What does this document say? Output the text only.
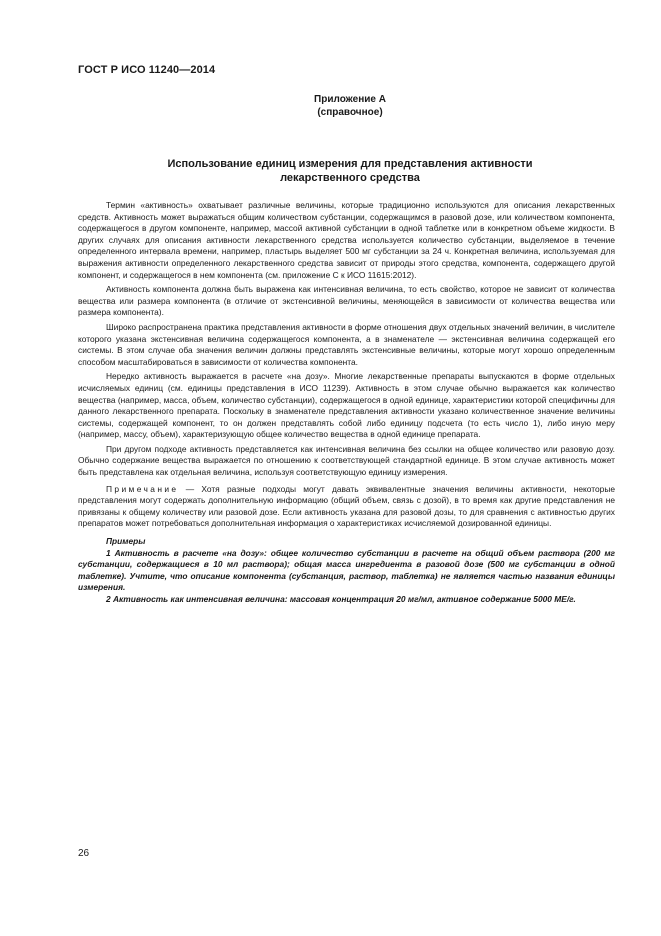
ГОСТ Р ИСО 11240—2014
Приложение А
(справочное)
Использование единиц измерения для представления активности
лекарственного средства

Термин «активность» охватывает различные величины, которые традиционно используются для описания лекарственных средств. Активность может выражаться общим количеством субстанции, содержащимся в разовой дозе, или количеством компонента, содержащегося в другом компоненте, например, массой активной субстанции в одной таблетке или в конкретном объеме жидкости. В других случаях для описания активности лекарственного средства используется количество субстанции, выделяемое в течение определенного интервала времени, например, пластырь выделяет 500 мг субстанции за 24 ч. Конкретная величина, используемая для выражения активности определенного лекарственного средства зависит от природы этого средства, компонента, содержащего другой компонент, и содержащегося в нем компонента (см. приложение С к ИСО 11615:2012).

Активность компонента должна быть выражена как интенсивная величина, то есть свойство, которое не зависит от количества вещества или размера компонента (в отличие от экстенсивной величины, меняющейся в зависимости от количества вещества или размера компонента).

Широко распространена практика представления активности в форме отношения двух отдельных значений величин, в числителе которого указана экстенсивная величина содержащегося компонента, а в знаменателе — экстенсивная величина содержащей его системы. В этом случае оба значения величин должны представлять экстенсивные величины, которые могут хорошо определенным способом масштабироваться в зависимости от количества компонента.

Нередко активность выражается в расчете «на дозу». Многие лекарственные препараты выпускаются в форме отдельных исчисляемых единиц (см. единицы представления в ИСО 11239). Активность в этом случае обычно выражается как количество вещества (например, масса, объем, количество субстанции), содержащегося в одной единице, характеристики которой специфичны для данного лекарственного препарата. Поскольку в знаменателе представления активности указано количественное значение величины системы, содержащей компонент, то он должен представлять собой либо единицу подсчета (то есть число 1), либо иную меру (например, массу, объем), характеризующую общее количество вещества в одной единице препарата.

При другом подходе активность представляется как интенсивная величина без ссылки на общее количество или разовую дозу. Обычно содержание вещества выражается по отношению к соответствующей стандартной единице. В этом случае активность может быть представлена как отдельная величина, используя соответствующую единицу измерения.

Примечание — Хотя разные подходы могут давать эквивалентные значения величины активности, некоторые представления могут содержать дополнительную информацию (общий объем, связь с дозой), в то время как другие представления не привязаны к общему количеству или разовой дозе. Если активность указана для разовой дозы, то для сравнения с активностью других препаратов может потребоваться дополнительная информация о характеристиках исчисляемой дозированной единицы.

Примеры

1 Активность в расчете «на дозу»: общее количество субстанции в расчете на общий объем раствора (200 мг субстанции, содержащиеся в 10 мл раствора); общая масса ингредиента в разовой дозе (500 мг субстанции в одной таблетке). Учтите, что описание компонента (субстанция, раствор, таблетка) не является частью названия единицы измерения.

2 Активность как интенсивная величина: массовая концентрация 20 мг/мл, активное содержание 5000 МЕ/г.

26
